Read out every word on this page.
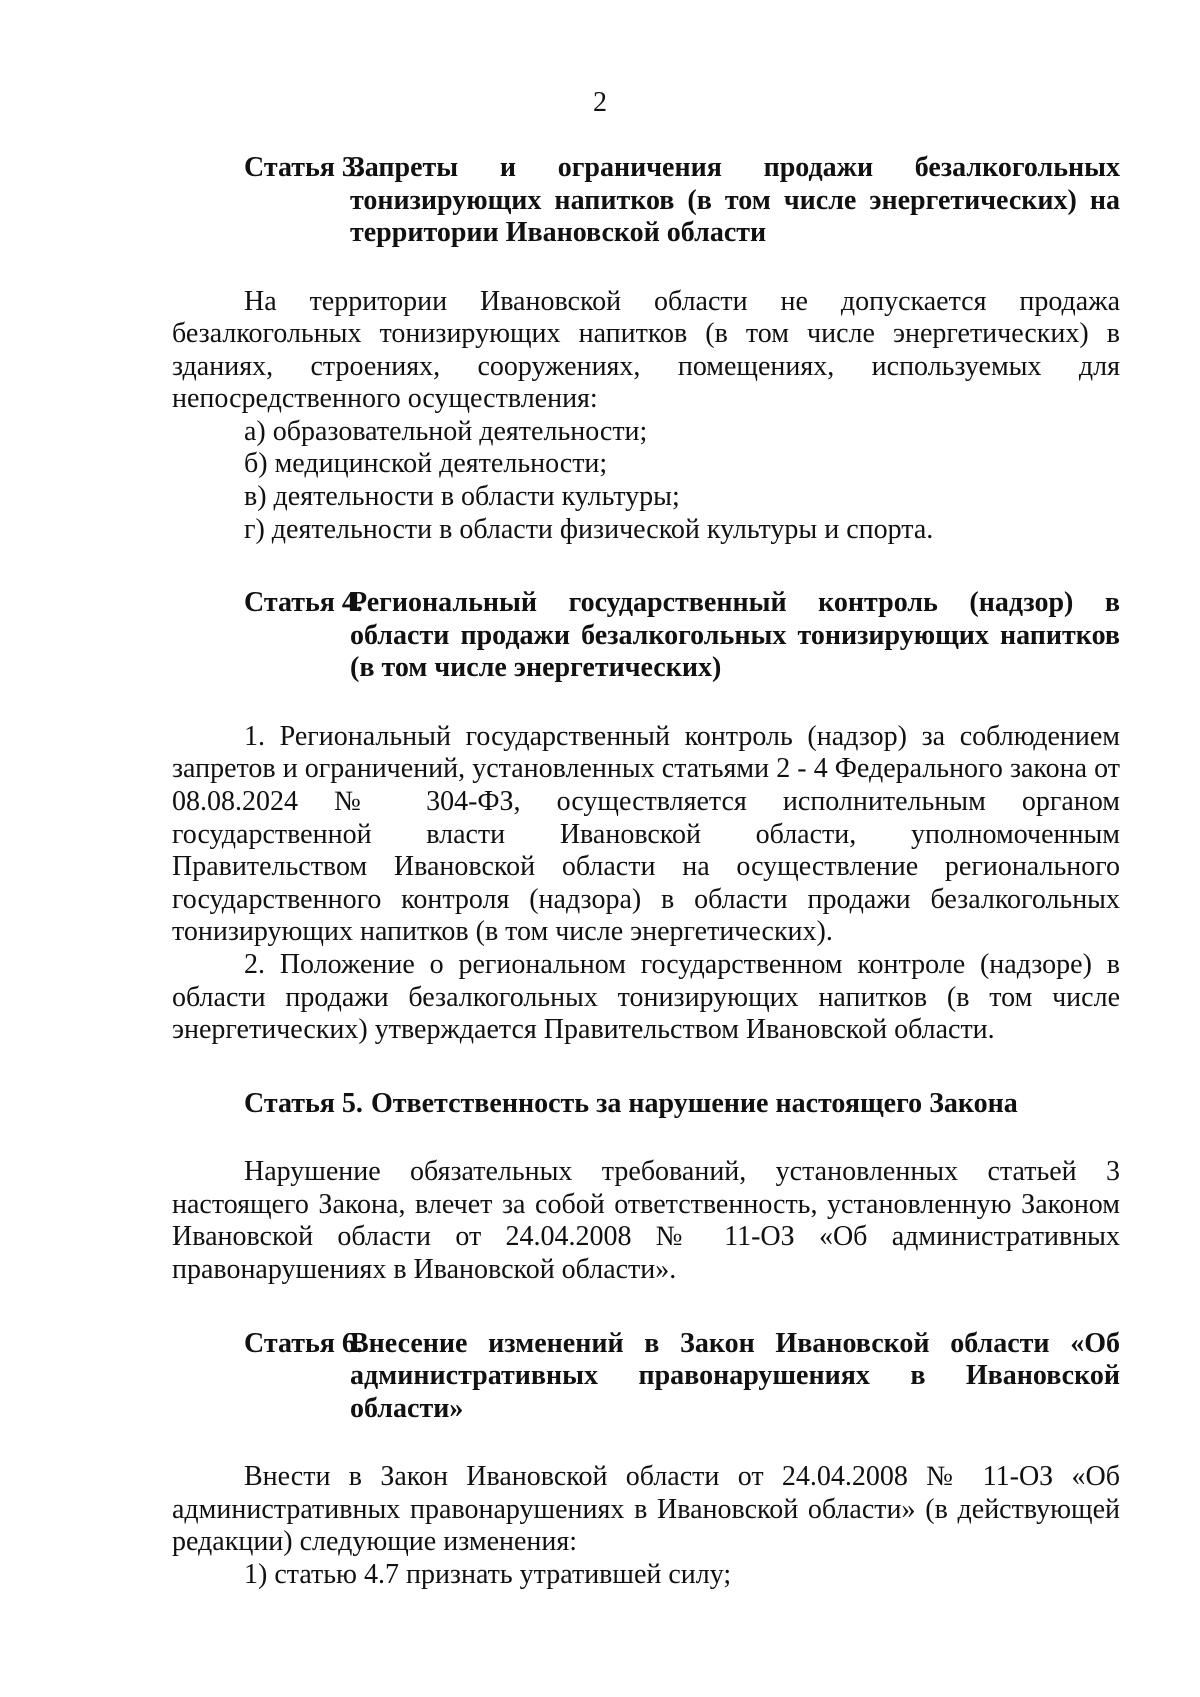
2
Статья 3.
Запреты и ограничения продажи безалкогольных тонизирующих напитков (в том числе энергетических) на территории Ивановской области

На территории Ивановской области не допускается продажа безалкогольных тонизирующих напитков (в том числе энергетических) в зданиях, строениях, сооружениях, помещениях, используемых для непосредственного осуществления:

а) образовательной деятельности;

б) медицинской деятельности;

в) деятельности в области культуры;

г) деятельности в области физической культуры и спорта.

Статья 4.
Региональный государственный контроль (надзор) в области продажи безалкогольных тонизирующих напитков (в том числе энергетических)

1. Региональный государственный контроль (надзор) за соблюдением запретов и ограничений, установленных статьями 2 - 4 Федерального закона от 08.08.2024 № 304-ФЗ, осуществляется исполнительным органом государственной власти Ивановской области, уполномоченным Правительством Ивановской области на осуществление регионального государственного контроля (надзора) в области продажи безалкогольных тонизирующих напитков (в том числе энергетических).

2. Положение о региональном государственном контроле (надзоре) в области продажи безалкогольных тонизирующих напитков (в том числе энергетических) утверждается Правительством Ивановской области.

Статья 5. Ответственность за нарушение настоящего Закона

Нарушение обязательных требований, установленных статьей 3 настоящего Закона, влечет за собой ответственность, установленную Законом Ивановской области от 24.04.2008 № 11-ОЗ «Об административных правонарушениях в Ивановской области».

Статья 6.
Внесение изменений в Закон Ивановской области «Об административных правонарушениях в Ивановской области»

Внести в Закон Ивановской области от 24.04.2008 № 11-ОЗ «Об административных правонарушениях в Ивановской области» (в действующей редакции) следующие изменения:

1) статью 4.7 признать утратившей силу;
